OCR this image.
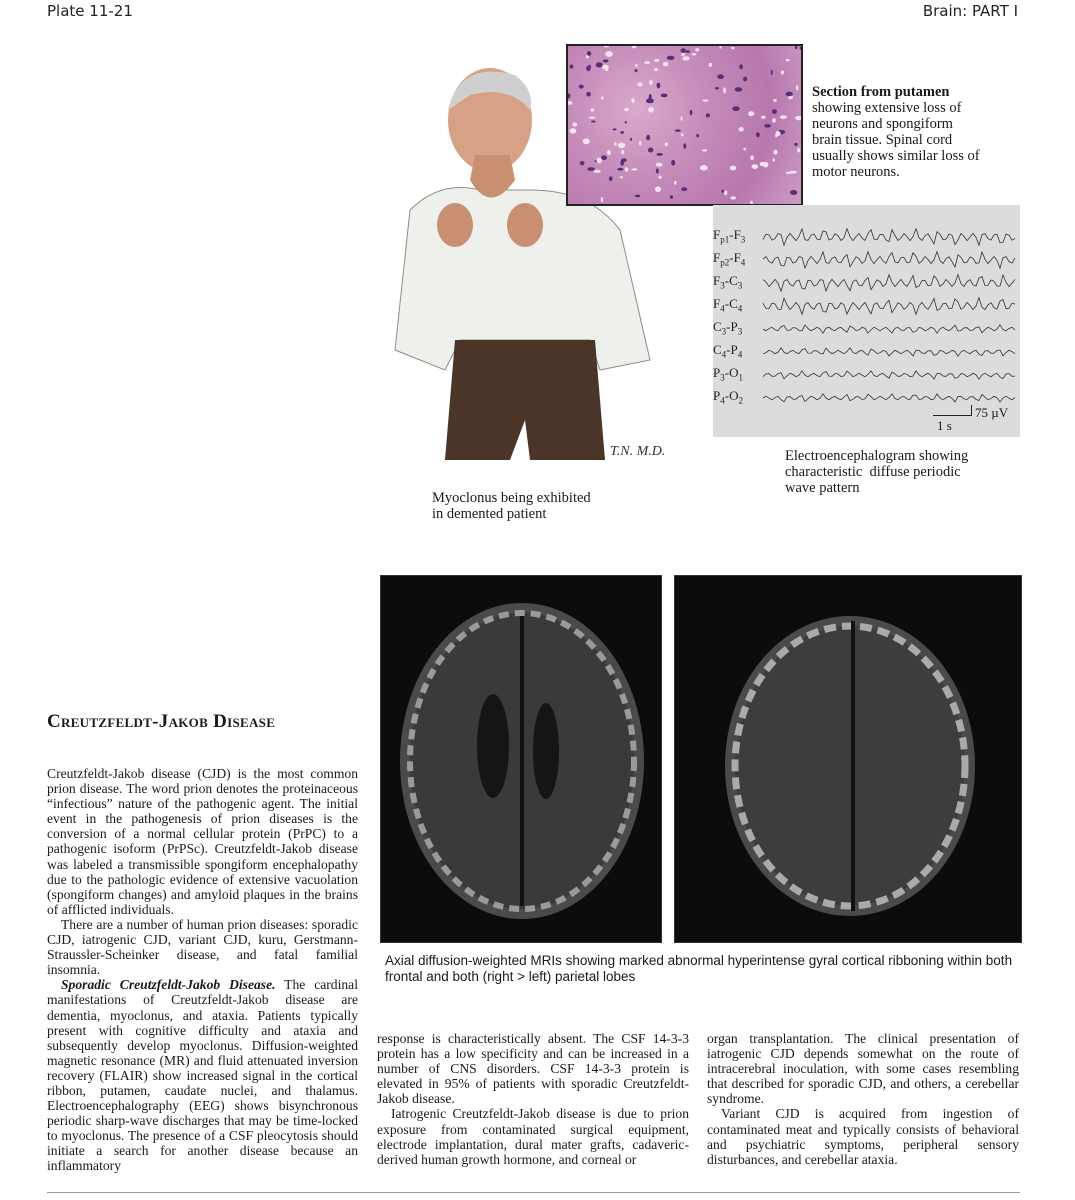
Plate 11-21	Brain: PART I
T.N. M.D.
Section from putamen
showing extensive loss of neurons and spongiform brain tissue. Spinal cord usually shows similar loss of motor neurons.
$F_{p1}-F_3$
$F_{p2}-F_4$
$F_3-C_3$
$F_4-C_4$
$C_3-P_3$
$C_4-P_4$
$P_3-O_1$
$P_4-O_2$
1 s
75 µV
Electroencephalogram showing
characteristic  diffuse periodic
wave pattern
Myoclonus being exhibited
in demented patient
Axial diffusion-weighted MRIs showing marked abnormal hyperintense gyral cortical ribboning within both frontal and both (right > left) parietal lobes
Creutzfeldt-Jakob Disease

Creutzfeldt-Jakob disease (CJD) is the most common prion disease. The word prion denotes the proteinaceous “infectious” nature of the pathogenic agent. The initial event in the pathogenesis of prion diseases is the conversion of a normal cellular protein (PrPC) to a pathogenic isoform (PrPSc). Creutzfeldt-Jakob disease was labeled a transmissible spongiform encephalopathy due to the pathologic evidence of extensive vacuolation (spongiform changes) and amyloid plaques in the brains of afflicted individuals.

There are a number of human prion diseases: sporadic CJD, iatrogenic CJD, variant CJD, kuru, Gerstmann-Straussler-Scheinker disease, and fatal familial insomnia.

Sporadic Creutzfeldt-Jakob Disease. The cardinal manifestations of Creutzfeldt-Jakob disease are dementia, myoclonus, and ataxia. Patients typically present with cognitive difficulty and ataxia and subsequently develop myoclonus. Diffusion-weighted magnetic resonance (MR) and fluid attenuated inversion recovery (FLAIR) show increased signal in the cortical ribbon, putamen, caudate nuclei, and thalamus. Electroencephalography (EEG) shows bisynchronous periodic sharp-wave discharges that may be time-locked to myoclonus. The presence of a CSF pleocytosis should initiate a search for another disease because an inflammatory

response is characteristically absent. The CSF 14-3-3 protein has a low specificity and can be increased in a number of CNS disorders. CSF 14-3-3 protein is elevated in 95% of patients with sporadic Creutzfeldt-Jakob disease.

Iatrogenic Creutzfeldt-Jakob disease is due to prion exposure from contaminated surgical equipment, electrode implantation, dural mater grafts, cadaveric-derived human growth hormone, and corneal or

organ transplantation. The clinical presentation of iatrogenic CJD depends somewhat on the route of intracerebral inoculation, with some cases resembling that described for sporadic CJD, and others, a cerebellar syndrome.

Variant CJD is acquired from ingestion of contaminated meat and typically consists of behavioral and psychiatric symptoms, peripheral sensory disturbances, and cerebellar ataxia.
